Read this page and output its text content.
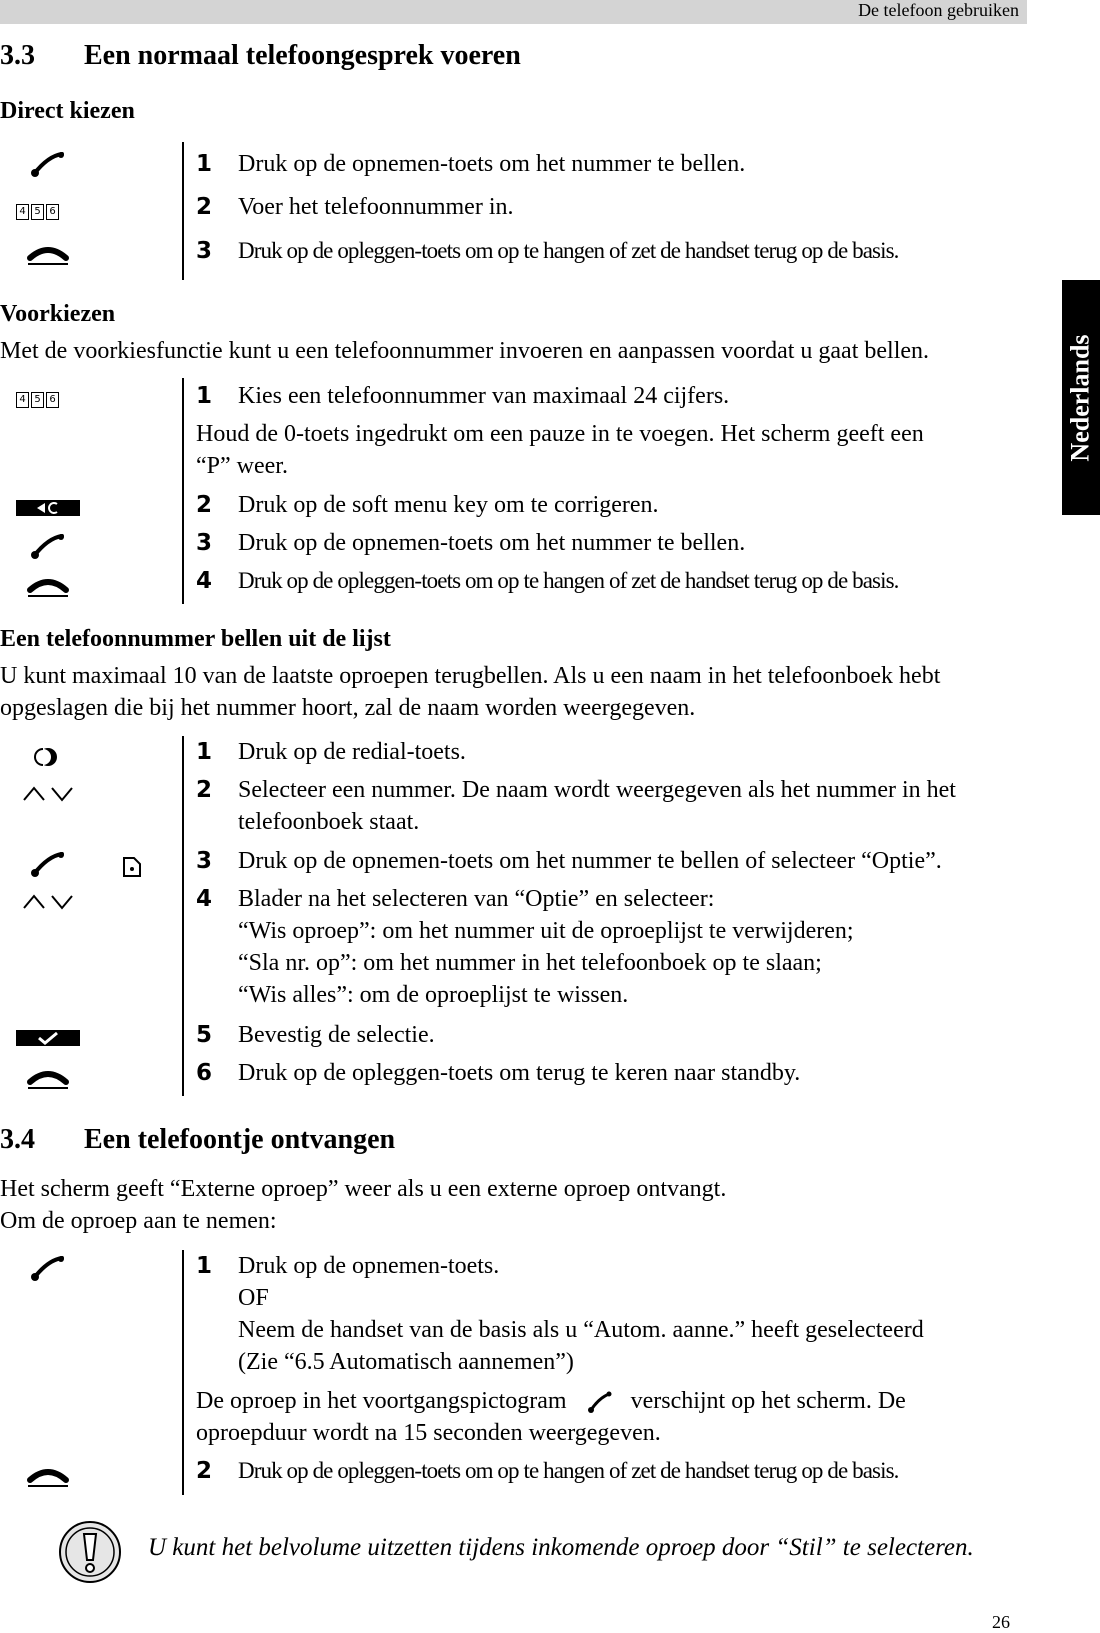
De telefoon gebruiken
Nederlands
3.3 Een normaal telefoongesprek voeren
Direct kiezen
4 5 6
1 Druk op de opnemen-toets om het nummer te bellen.
2 Voer het telefoonnummer in.
3 Druk op de opleggen-toets om op te hangen of zet de handset terug op de basis.
Voorkiezen
Met de voorkiesfunctie kunt u een telefoonnummer invoeren en aanpassen voordat u gaat bellen.
4 5 6	1 Kies een telefoonnummer van maximaal 24 cijfers.
Houd de 0-toets ingedrukt om een pauze in te voegen. Het scherm geeft een
“P” weer.
2 Druk op de soft menu key om te corrigeren.
3 Druk op de opnemen-toets om het nummer te bellen.
4 Druk op de opleggen-toets om op te hangen of zet de handset terug op de basis.
Een telefoonnummer bellen uit de lijst
U kunt maximaal 10 van de laatste oproepen terugbellen. Als u een naam in het telefoonboek hebt
opgeslagen die bij het nummer hoort, zal de naam worden weergegeven.
1 Druk op de redial-toets.
2 Selecteer een nummer. De naam wordt weergegeven als het nummer in het
telefoonboek staat.
3 Druk op de opnemen-toets om het nummer te bellen of selecteer “Optie”.
4 Blader na het selecteren van “Optie” en selecteer:
“Wis oproep”: om het nummer uit de oproeplijst te verwijderen;
“Sla nr. op”: om het nummer in het telefoonboek op te slaan;
“Wis alles”: om de oproeplijst te wissen.
5 Bevestig de selectie.
6 Druk op de opleggen-toets om terug te keren naar standby.
3.4 Een telefoontje ontvangen
Het scherm geeft “Externe oproep” weer als u een externe oproep ontvangt.
Om de oproep aan te nemen:
1 Druk op de opnemen-toets.
OF
Neem de handset van de basis als u “Autom. aanne.” heeft geselecteerd
(Zie “6.5 Automatisch aannemen”)
De oproep in het voortgangspictogram	verschijnt op het scherm. De
oproepduur wordt na 15 seconden weergegeven.
2 Druk op de opleggen-toets om op te hangen of zet de handset terug op de basis.
U kunt het belvolume uitzetten tijdens inkomende oproep door “Stil” te selecteren.
26
